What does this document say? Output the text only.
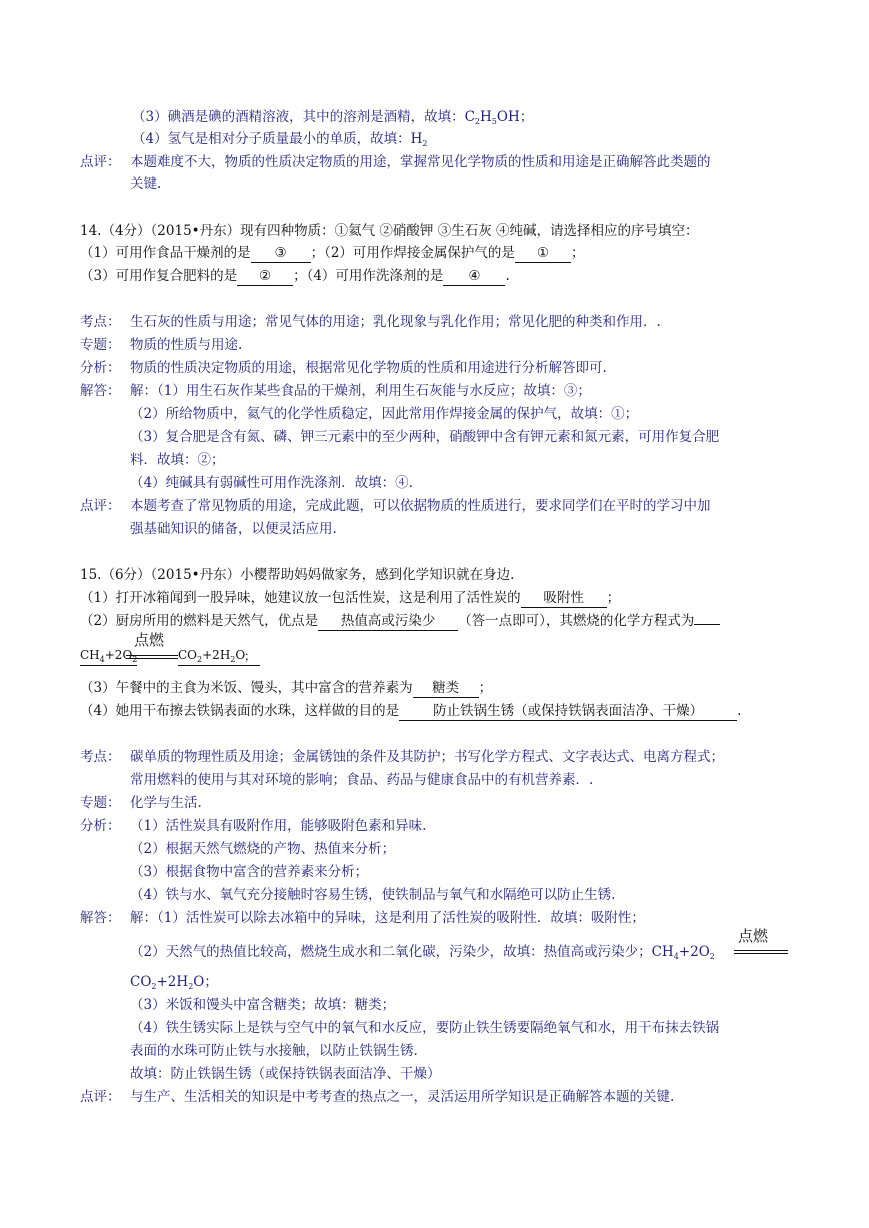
（3）碘酒是碘的酒精溶液，其中的溶剂是酒精，故填：$C_2H_5OH$；
（4）氢气是相对分子质量最小的单质，故填：$H_2$
点评： 本题难度不大，物质的性质决定物质的用途，掌握常见化学物质的性质和用途是正确解答此类题的
关键.
14.（4分）（2015•丹东）现有四种物质：①氦气 ②硝酸钾 ③生石灰 ④纯碱，请选择相应的序号填空：
（1）可用作食品干燥剂的是 ③ ；（2）可用作焊接金属保护气的是 ① ；
（3）可用作复合肥料的是 ② ；（4）可用作洗涤剂的是 ④ .
考点： 生石灰的性质与用途；常见气体的用途；乳化现象与乳化作用；常见化肥的种类和作用．.
专题： 物质的性质与用途.
分析： 物质的性质决定物质的用途，根据常见化学物质的性质和用途进行分析解答即可.
解答： 解：（1）用生石灰作某些食品的干燥剂，利用生石灰能与水反应；故填：③；
（2）所给物质中，氦气的化学性质稳定，因此常用作焊接金属的保护气，故填：①；
（3）复合肥是含有氮、磷、钾三元素中的至少两种，硝酸钾中含有钾元素和氮元素，可用作复合肥
料．故填：②；
（4）纯碱具有弱碱性可用作洗涤剂．故填：④.
点评： 本题考查了常见物质的用途，完成此题，可以依据物质的性质进行，要求同学们在平时的学习中加
强基础知识的储备，以便灵活应用.
15.（6分）（2015•丹东）小樱帮助妈妈做家务，感到化学知识就在身边.
（1）打开冰箱闻到一股异味，她建议放一包活性炭，这是利用了活性炭的 吸附性 ；
（2）厨房所用的燃料是天然气，优点是 热值高或污染少 （答一点即可），其燃烧的化学方程式为
$CH_4+2O_2$
点燃
$CO_2+2H_2O$
；
（3）午餐中的主食为米饭、馒头，其中富含的营养素为 糖类 ；
（4）她用干布擦去铁锅表面的水珠，这样做的目的是	防止铁锅生锈（或保持铁锅表面洁净、干燥）	.
考点： 碳单质的物理性质及用途；金属锈蚀的条件及其防护；书写化学方程式、文字表达式、电离方程式；
常用燃料的使用与其对环境的影响；食品、药品与健康食品中的有机营养素．.
专题： 化学与生活.
分析： （1）活性炭具有吸附作用，能够吸附色素和异味.
（2）根据天然气燃烧的产物、热值来分析；
（3）根据食物中富含的营养素来分析；
（4）铁与水、氧气充分接触时容易生锈，使铁制品与氧气和水隔绝可以防止生锈.
解答： 解：（1）活性炭可以除去冰箱中的异味，这是利用了活性炭的吸附性．故填：吸附性；
（2）天然气的热值比较高，燃烧生成水和二氧化碳，污染少，故填：热值高或污染少；$CH_4+2O_2$
点燃
$CO_2+2H_2O$；
（3）米饭和馒头中富含糖类；故填：糖类；
（4）铁生锈实际上是铁与空气中的氧气和水反应，要防止铁生锈要隔绝氧气和水，用干布抹去铁锅
表面的水珠可防止铁与水接触，以防止铁锅生锈.
故填：防止铁锅生锈（或保持铁锅表面洁净、干燥）
点评： 与生产、生活相关的知识是中考考查的热点之一，灵活运用所学知识是正确解答本题的关键.
